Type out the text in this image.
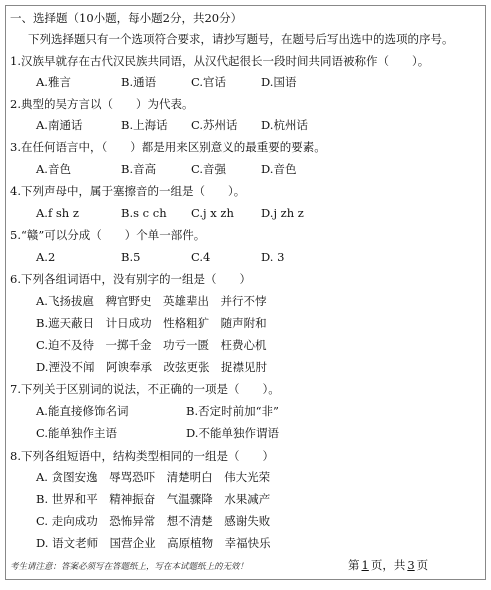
一、选择题（10小题，每小题2分，共20分）
下列选择题只有一个选项符合要求，请抄写题号，在题号后写出选中的选项的序号。
1.汉族早就存在古代汉民族共同语，从汉代起很长一段时间共同语被称作（　　）。
A.雅言	B.通语	C.官话	D.国语
2.典型的吴方言以（　　）为代表。
A.南通话	B.上海话 C.苏州话 D.杭州话
3.在任何语言中，（　　）都是用来区别意义的最重要的要素。
A.音色	B.音高	C.音强	D.音色
4.下列声母中，属于塞擦音的一组是（　　）。
A.f sh z	B.s c ch C.j x zh D.j zh z
5.“赣”可以分成（　　）个单一部件。
A.2	B.5	C.4	D. 3
6.下列各组词语中，没有别字的一组是（　　）
A.飞扬拔扈　稗官野史　英雄辈出　并行不悖
B.遮天蔽日　计日成功　性格粗犷　随声附和
C.迫不及待　一掷千金　功亏一匮　枉费心机
D.湮没不闻　阿谀奉承　改弦更张　捉襟见肘
7.下列关于区别词的说法，不正确的一项是（　　）。
A.能直接修饰名词	B.否定时前加“非”
C.能单独作主语	D.不能单独作谓语
8.下列各组短语中，结构类型相同的一组是（　　）
A. 贪图安逸　辱骂恐吓　清楚明白　伟大光荣
B. 世界和平　精神振奋　气温骤降　水果减产
C. 走向成功　恐怖异常　想不清楚　感谢失败
D. 语文老师　国营企业　高原植物　幸福快乐
考生请注意：答案必须写在答题纸上，写在本试题纸上的无效！	第 1 页，共 3 页
